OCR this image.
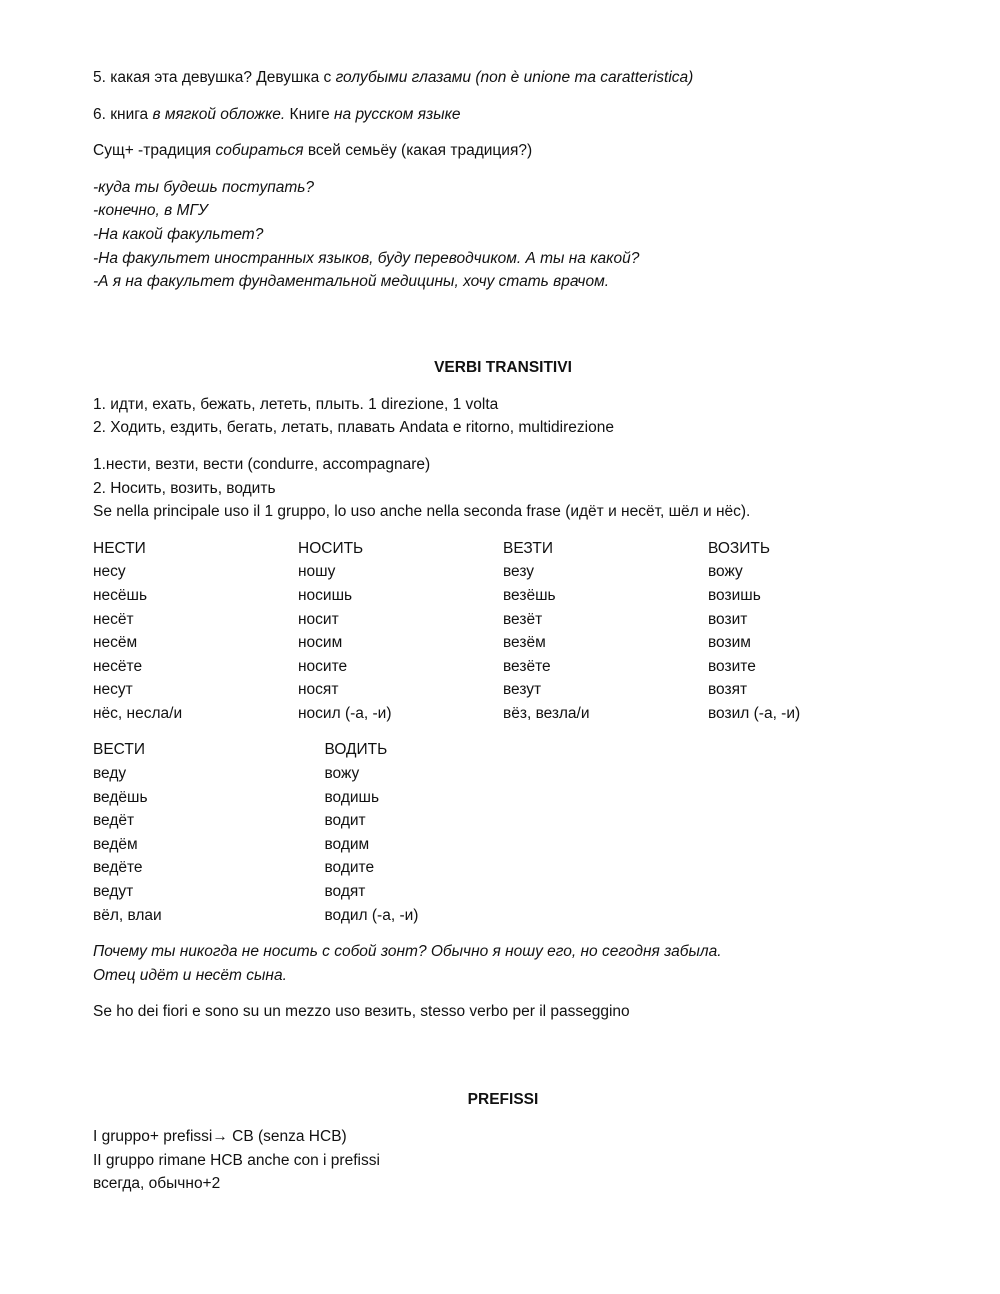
5. какая эта девушка? Девушка с голубыми глазами (non è unione ma caratteristica)
6. книга в мягкой обложке. Книге на русском языке
Сущ+ -традиция собираться всей семьёу (какая традиция?)
-куда ты будешь поступать?
-конечно, в МГУ
-На какой факультет?
-На факультет иностранных языков, буду переводчиком. А ты на какой?
-А я на факультет фундаментальной медицины, хочу стать врачом.
VERBI TRANSITIVI
1. идти, ехать, бежать, лететь, плыть. 1 direzione, 1 volta
2. Ходить, ездить, бегать, летать, плавать Andata e ritorno, multidirezione
1.нести, везти, вести (condurre, accompagnare)
2. Носить, возить, водить
Se nella principale uso il 1 gruppo, lo uso anche nella seconda frase (идёт и несёт, шёл и нёс).
НЕСТИ	НОСИТЬ	ВЕЗТИ	ВОЗИТЬ
несу	ношу	везу	вожу
несёшь	носишь	везёшь	возишь
несёт	носит	везёт	возит
несём	носим	везём	возим
несёте	носите	везёте	возите
несут	носят	везут	возят
нёс, несла/и	носил (-а, -и)	вёз, везла/и	возил (-а, -и)
ВЕСТИ	ВОДИТЬ
веду	вожу
ведёшь	водишь
ведёт	водит
ведём	водим
ведёте	водите
ведут	водят
вёл, влаи	водил (-а, -и)
Почему ты никогда не носить с собой зонт? Обычно я ношу его, но сегодня забыла.
Отец идёт и несёт сына.
Se ho dei fiori e sono su un mezzo uso везить, stesso verbo per il passeggino
PREFISSI
I gruppo+ prefissi→ CB (senza HCB)
II gruppo rimane HCB anche con i prefissi
всегда, обычно+2
